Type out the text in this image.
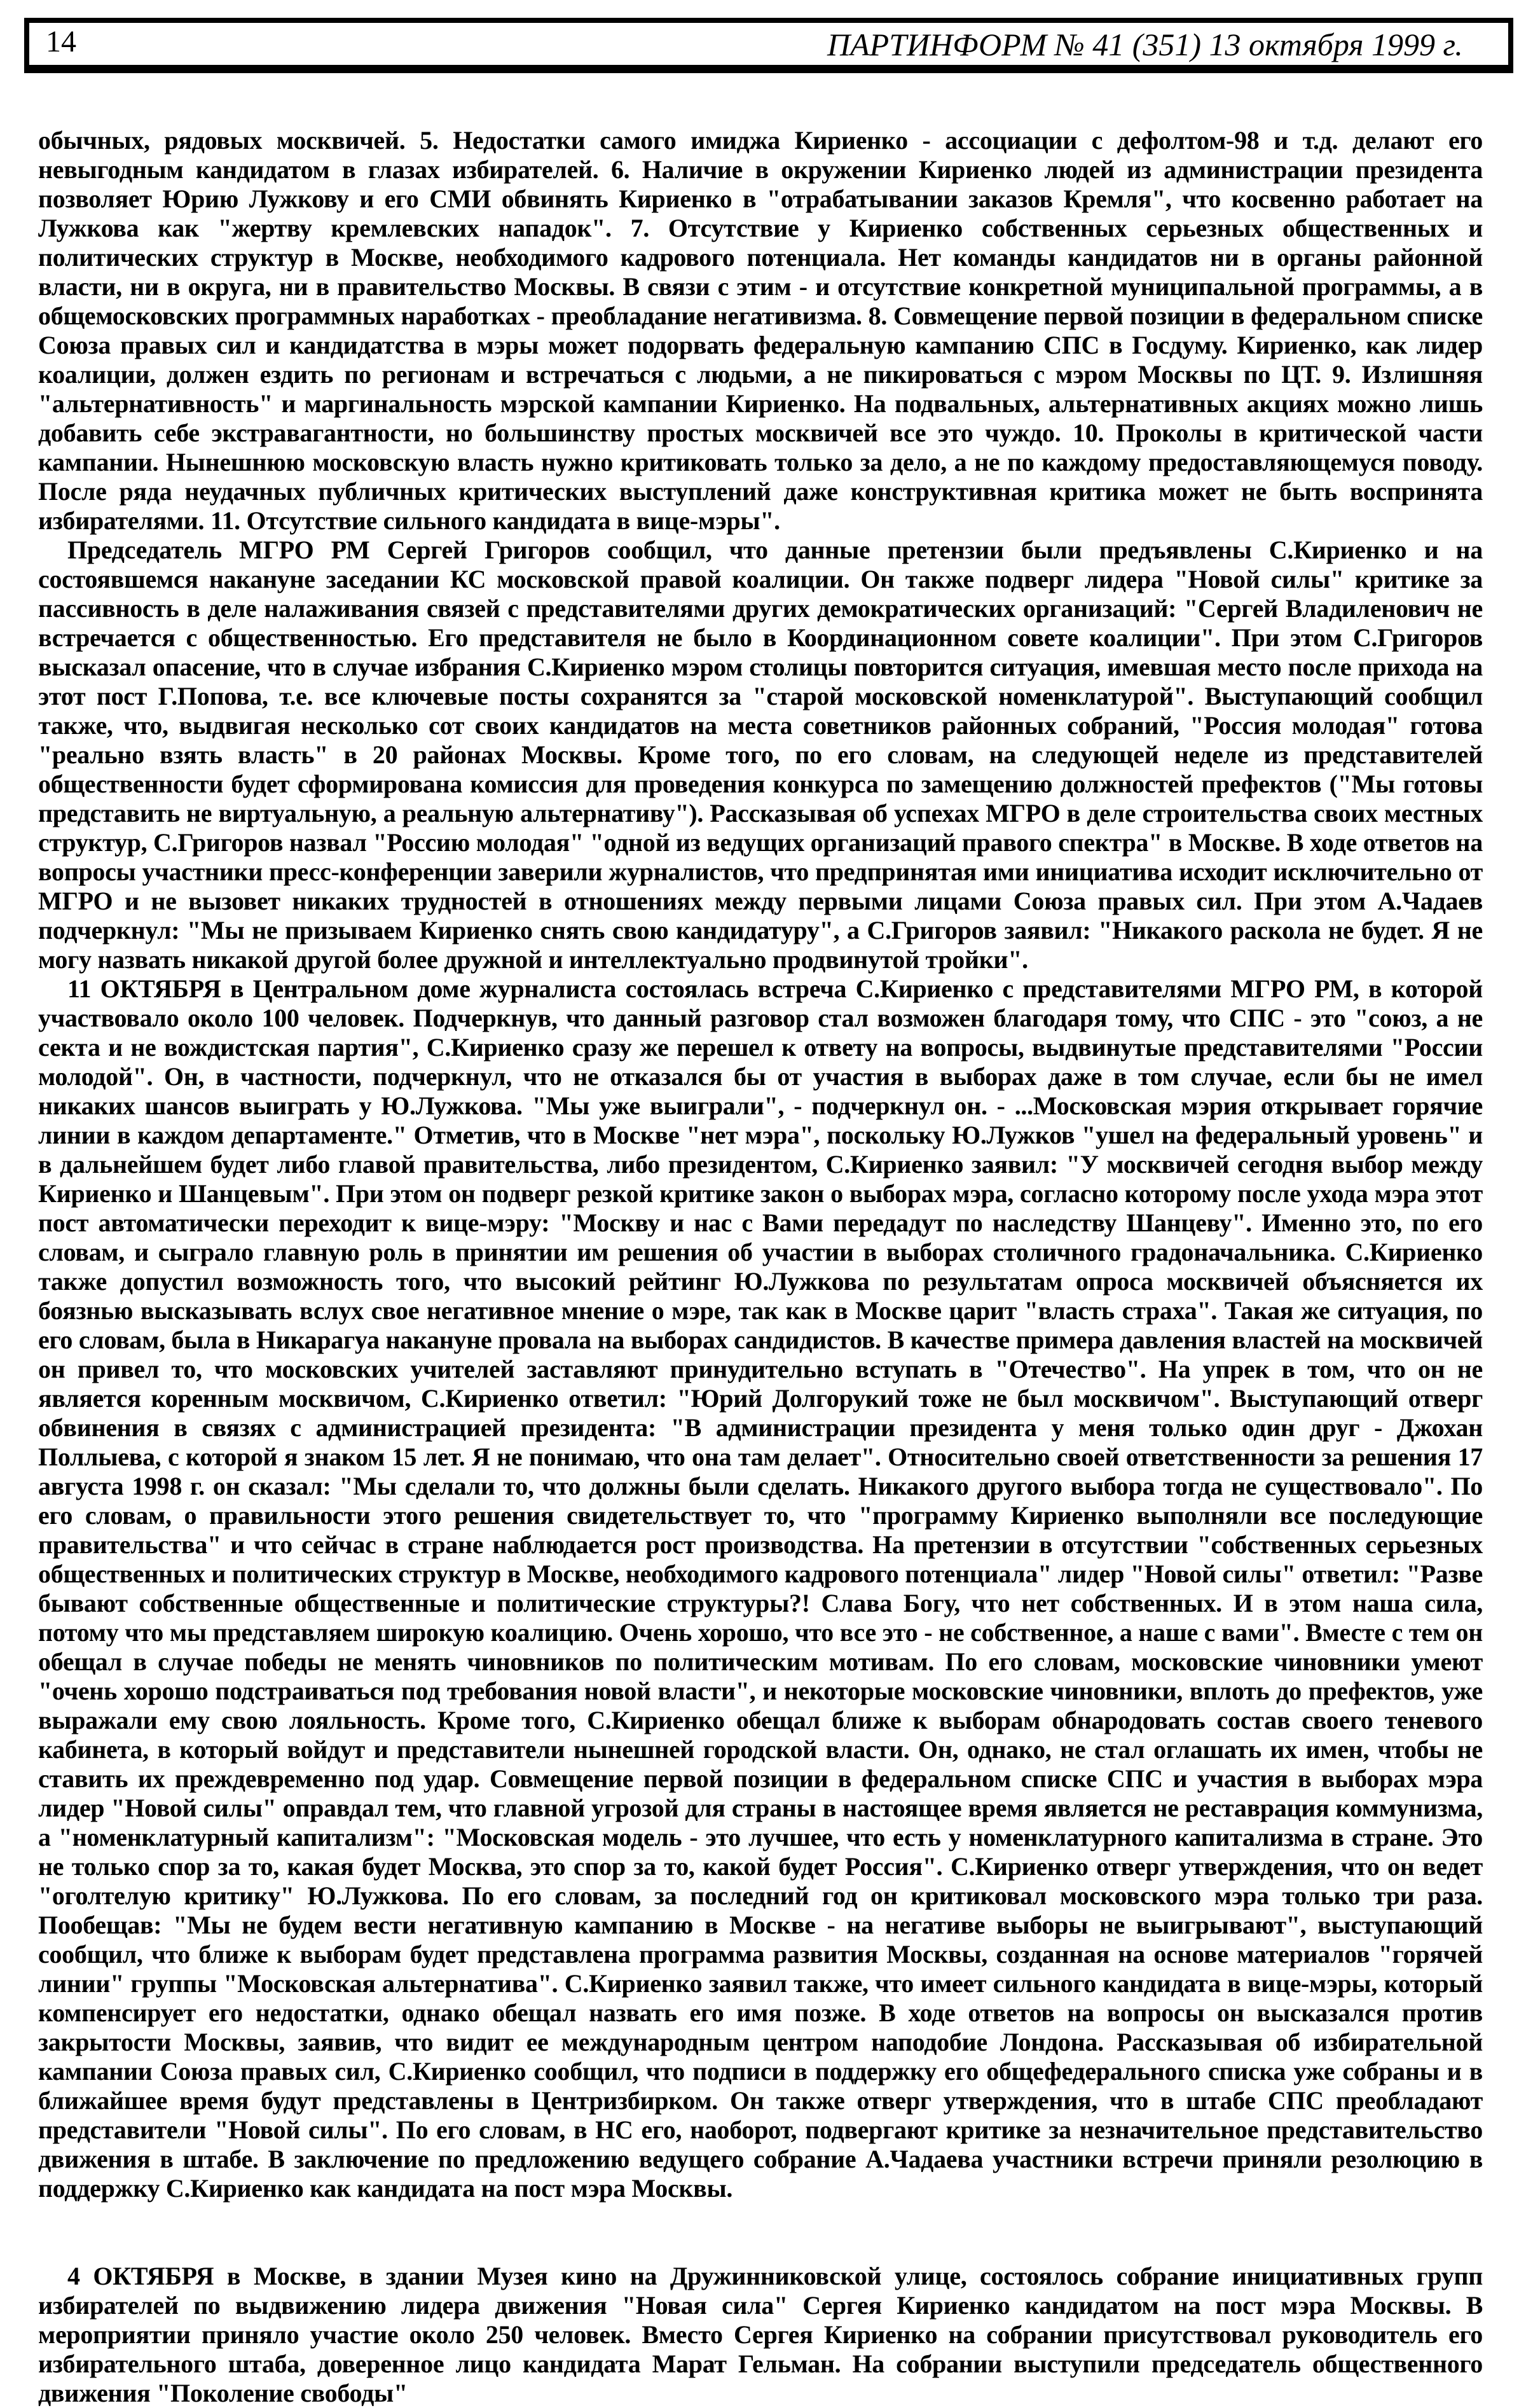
14	ПАРТИНФОРМ № 41 (351) 13 октября 1999 г.

обычных, рядовых москвичей. 5. Недостатки самого имиджа Кириенко - ассоциации с дефолтом-98 и т.д. делают его невыгодным кандидатом в глазах избирателей. 6. Наличие в окружении Кириенко людей из администрации президента позволяет Юрию Лужкову и его СМИ обвинять Кириенко в "отрабатывании заказов Кремля", что косвенно работает на Лужкова как "жертву кремлевских нападок". 7. Отсутствие у Кириенко собственных серьезных общественных и политических структур в Москве, необходимого кадрового потенциала. Нет команды кандидатов ни в органы районной власти, ни в округа, ни в правительство Москвы. В связи с этим - и отсутствие конкретной муниципальной программы, а в общемосковских программных наработках - преобладание негативизма. 8. Совмещение первой позиции в федеральном списке Союза правых сил и кандидатства в мэры может подорвать федеральную кампанию СПС в Госдуму. Кириенко, как лидер коалиции, должен ездить по регионам и встречаться с людьми, а не пикироваться с мэром Москвы по ЦТ. 9. Излишняя "альтернативность" и маргинальность мэрской кампании Кириенко. На подвальных, альтернативных акциях можно лишь добавить себе экстравагантности, но большинству простых москвичей все это чуждо. 10. Проколы в критической части кампании. Нынешнюю московскую власть нужно критиковать только за дело, а не по каждому предоставляющемуся поводу. После ряда неудачных публичных критических выступлений даже конструктивная критика может не быть воспринята избирателями. 11. Отсутствие сильного кандидата в вице-мэры".

Председатель МГРО РМ Сергей Григоров сообщил, что данные претензии были предъявлены С.Кириенко и на состоявшемся накануне заседании КС московской правой коалиции. Он также подверг лидера "Новой силы" критике за пассивность в деле налаживания связей с представителями других демократических организаций: "Сергей Владиленович не встречается с общественностью. Его представителя не было в Координационном совете коалиции". При этом С.Григоров высказал опасение, что в случае избрания С.Кириенко мэром столицы повторится ситуация, имевшая место после прихода на этот пост Г.Попова, т.е. все ключевые посты сохранятся за "старой московской номенклатурой". Выступающий сообщил также, что, выдвигая несколько сот своих кандидатов на места советников районных собраний, "Россия молодая" готова "реально взять власть" в 20 районах Москвы. Кроме того, по его словам, на следующей неделе из представителей общественности будет сформирована комиссия для проведения конкурса по замещению должностей префектов ("Мы готовы представить не виртуальную, а реальную альтернативу"). Рассказывая об успехах МГРО в деле строительства своих местных структур, С.Григоров назвал "Россию молодая" "одной из ведущих организаций правого спектра" в Москве. В ходе ответов на вопросы участники пресс-конференции заверили журналистов, что предпринятая ими инициатива исходит исключительно от МГРО и не вызовет никаких трудностей в отношениях между первыми лицами Союза правых сил. При этом А.Чадаев подчеркнул: "Мы не призываем Кириенко снять свою кандидатуру", а С.Григоров заявил: "Никакого раскола не будет. Я не могу назвать никакой другой более дружной и интеллектуально продвинутой тройки".

11 ОКТЯБРЯ в Центральном доме журналиста состоялась встреча С.Кириенко с представителями МГРО РМ, в которой участвовало около 100 человек. Подчеркнув, что данный разговор стал возможен благодаря тому, что СПС - это "союз, а не секта и не вождистская партия", С.Кириенко сразу же перешел к ответу на вопросы, выдвинутые представителями "России молодой". Он, в частности, подчеркнул, что не отказался бы от участия в выборах даже в том случае, если бы не имел никаких шансов выиграть у Ю.Лужкова. "Мы уже выиграли", - подчеркнул он. - ...Московская мэрия открывает горячие линии в каждом департаменте." Отметив, что в Москве "нет мэра", поскольку Ю.Лужков "ушел на федеральный уровень" и в дальнейшем будет либо главой правительства, либо президентом, С.Кириенко заявил: "У москвичей сегодня выбор между Кириенко и Шанцевым". При этом он подверг резкой критике закон о выборах мэра, согласно которому после ухода мэра этот пост автоматически переходит к вице-мэру: "Москву и нас с Вами передадут по наследству Шанцеву". Именно это, по его словам, и сыграло главную роль в принятии им решения об участии в выборах столичного градоначальника. С.Кириенко также допустил возможность того, что высокий рейтинг Ю.Лужкова по результатам опроса москвичей объясняется их боязнью высказывать вслух свое негативное мнение о мэре, так как в Москве царит "власть страха". Такая же ситуация, по его словам, была в Никарагуа накануне провала на выборах сандидистов. В качестве примера давления властей на москвичей он привел то, что московских учителей заставляют принудительно вступать в "Отечество". На упрек в том, что он не является коренным москвичом, С.Кириенко ответил: "Юрий Долгорукий тоже не был москвичом". Выступающий отверг обвинения в связях с администрацией президента: "В администрации президента у меня только один друг - Джохан Поллыева, с которой я знаком 15 лет. Я не понимаю, что она там делает". Относительно своей ответственности за решения 17 августа 1998 г. он сказал: "Мы сделали то, что должны были сделать. Никакого другого выбора тогда не существовало". По его словам, о правильности этого решения свидетельствует то, что "программу Кириенко выполняли все последующие правительства" и что сейчас в стране наблюдается рост производства. На претензии в отсутствии "собственных серьезных общественных и политических структур в Москве, необходимого кадрового потенциала" лидер "Новой силы" ответил: "Разве бывают собственные общественные и политические структуры?! Слава Богу, что нет собственных. И в этом наша сила, потому что мы представляем широкую коалицию. Очень хорошо, что все это - не собственное, а наше с вами". Вместе с тем он обещал в случае победы не менять чиновников по политическим мотивам. По его словам, московские чиновники умеют "очень хорошо подстраиваться под требования новой власти", и некоторые московские чиновники, вплоть до префектов, уже выражали ему свою лояльность. Кроме того, С.Кириенко обещал ближе к выборам обнародовать состав своего теневого кабинета, в который войдут и представители нынешней городской власти. Он, однако, не стал оглашать их имен, чтобы не ставить их преждевременно под удар. Совмещение первой позиции в федеральном списке СПС и участия в выборах мэра лидер "Новой силы" оправдал тем, что главной угрозой для страны в настоящее время является не реставрация коммунизма, а "номенклатурный капитализм": "Московская модель - это лучшее, что есть у номенклатурного капитализма в стране. Это не только спор за то, какая будет Москва, это спор за то, какой будет Россия". С.Кириенко отверг утверждения, что он ведет "оголтелую критику" Ю.Лужкова. По его словам, за последний год он критиковал московского мэра только три раза. Пообещав: "Мы не будем вести негативную кампанию в Москве - на негативе выборы не выигрывают", выступающий сообщил, что ближе к выборам будет представлена программа развития Москвы, созданная на основе материалов "горячей линии" группы "Московская альтернатива". С.Кириенко заявил также, что имеет сильного кандидата в вице-мэры, который компенсирует его недостатки, однако обещал назвать его имя позже. В ходе ответов на вопросы он высказался против закрытости Москвы, заявив, что видит ее международным центром наподобие Лондона. Рассказывая об избирательной кампании Союза правых сил, С.Кириенко сообщил, что подписи в поддержку его общефедерального списка уже собраны и в ближайшее время будут представлены в Центризбирком. Он также отверг утверждения, что в штабе СПС преобладают представители "Новой силы". По его словам, в НС его, наоборот, подвергают критике за незначительное представительство движения в штабе. В заключение по предложению ведущего собрание А.Чадаева участники встречи приняли резолюцию в поддержку С.Кириенко как кандидата на пост мэра Москвы.

4 ОКТЯБРЯ в Москве, в здании Музея кино на Дружинниковской улице, состоялось собрание инициативных групп избирателей по выдвижению лидера движения "Новая сила" Сергея Кириенко кандидатом на пост мэра Москвы. В мероприятии приняло участие около 250 человек. Вместо Сергея Кириенко на собрании присутствовал руководитель его избирательного штаба, доверенное лицо кандидата Марат Гельман. На собрании выступили председатель общественного движения "Поколение свободы"
